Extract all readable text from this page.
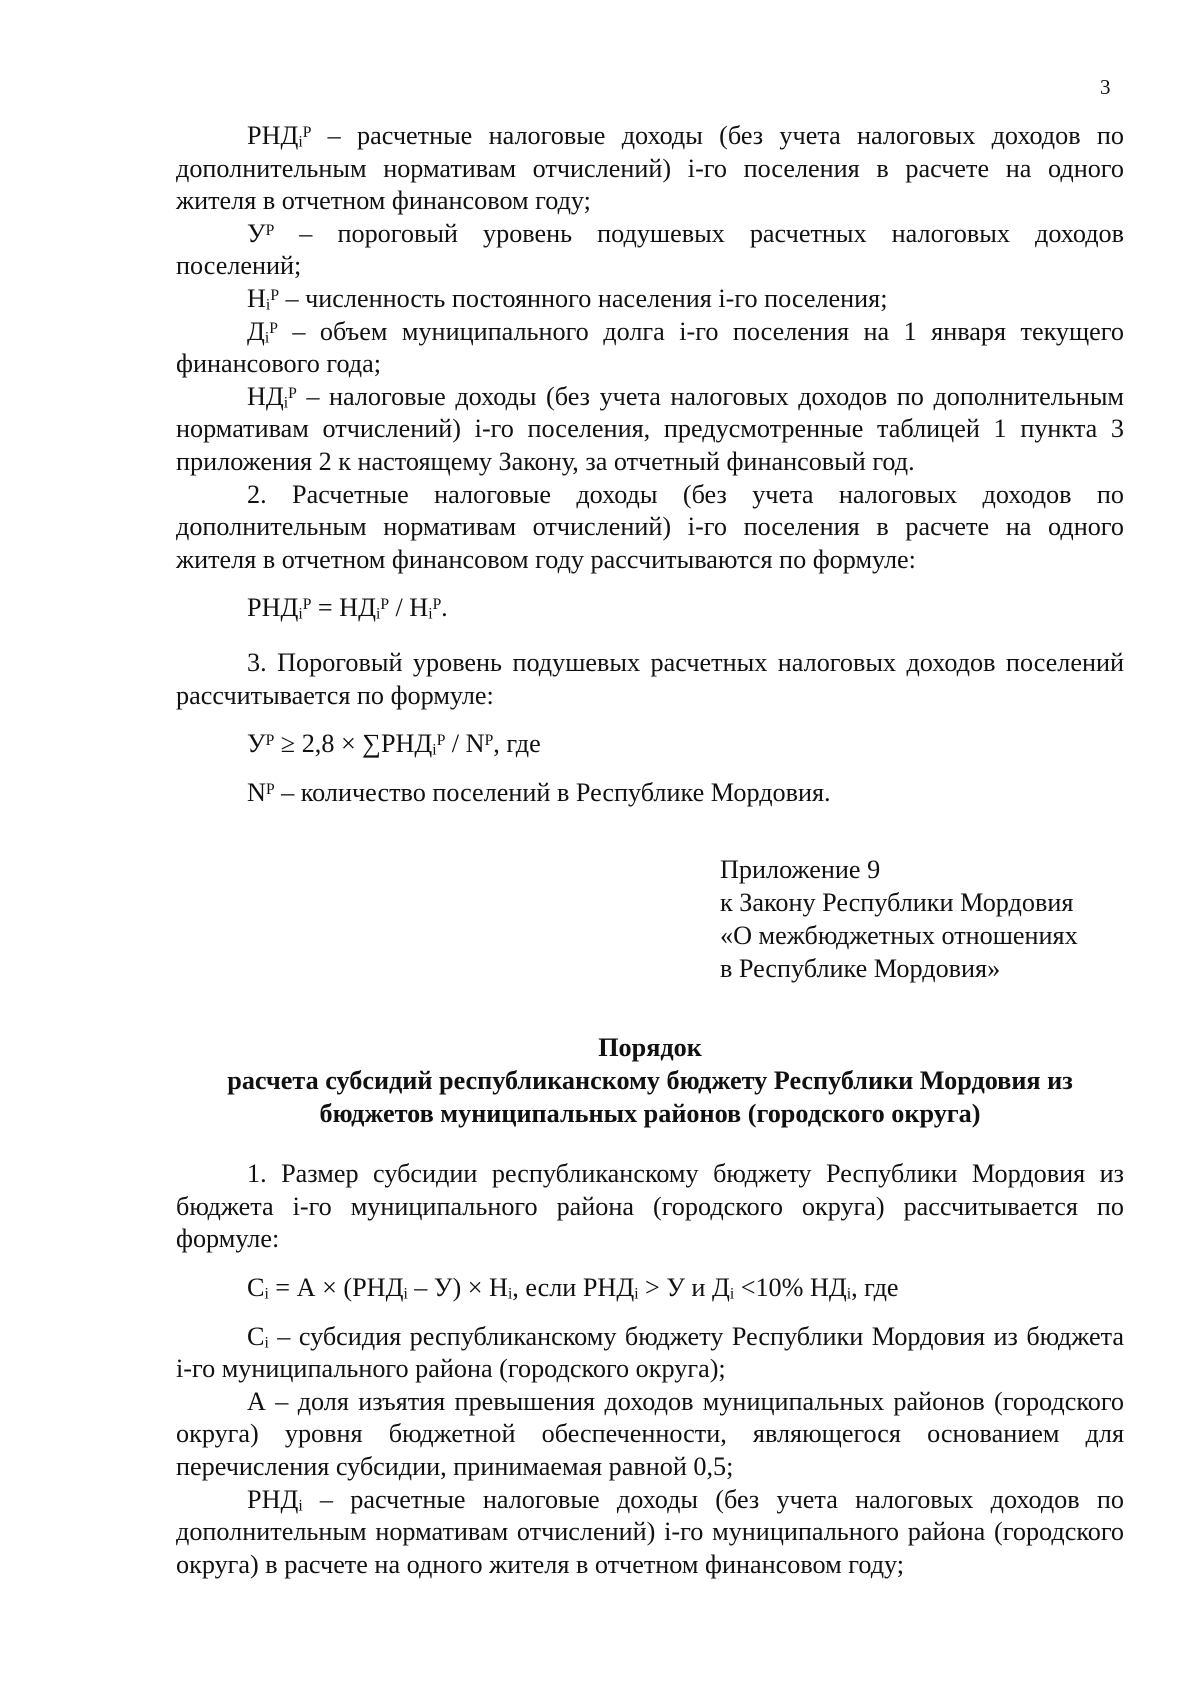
3

РНДᵢᴾ – расчетные налоговые доходы (без учета налоговых доходов по дополнительным нормативам отчислений) i-го поселения в расчете на одного жителя в отчетном финансовом году;

Уᴾ – пороговый уровень подушевых расчетных налоговых доходов поселений;

Нᵢᴾ – численность постоянного населения i-го поселения;

Дᵢᴾ – объем муниципального долга i-го поселения на 1 января текущего финансового года;

НДᵢᴾ – налоговые доходы (без учета налоговых доходов по дополнительным нормативам отчислений) i-го поселения, предусмотренные таблицей 1 пункта 3 приложения 2 к настоящему Закону, за отчетный финансовый год.

2. Расчетные налоговые доходы (без учета налоговых доходов по дополнительным нормативам отчислений) i-го поселения в расчете на одного жителя в отчетном финансовом году рассчитываются по формуле:

РНДᵢᴾ = НДᵢᴾ / Нᵢᴾ.

3. Пороговый уровень подушевых расчетных налоговых доходов поселений рассчитывается по формуле:

Уᴾ ≥ 2,8 × ∑РНДᵢᴾ / Nᴾ, где

Nᴾ – количество поселений в Республике Мордовия.

Приложение 9
к Закону Республики Мордовия
«О межбюджетных отношениях
в Республике Мордовия»
Порядок
расчета субсидий республиканскому бюджету Республики Мордовия из
бюджетов муниципальных районов (городского округа)

1. Размер субсидии республиканскому бюджету Республики Мордовия из бюджета i-го муниципального района (городского округа) рассчитывается по формуле:

Cᵢ = А × (РНДᵢ – У) × Нᵢ, если РНДᵢ > У и Дᵢ <10% НДᵢ, где

Cᵢ – субсидия республиканскому бюджету Республики Мордовия из бюджета i-го муниципального района (городского округа);

А – доля изъятия превышения доходов муниципальных районов (городского округа) уровня бюджетной обеспеченности, являющегося основанием для перечисления субсидии, принимаемая равной 0,5;

РНДᵢ – расчетные налоговые доходы (без учета налоговых доходов по дополнительным нормативам отчислений) i-го муниципального района (городского округа) в расчете на одного жителя в отчетном финансовом году;
